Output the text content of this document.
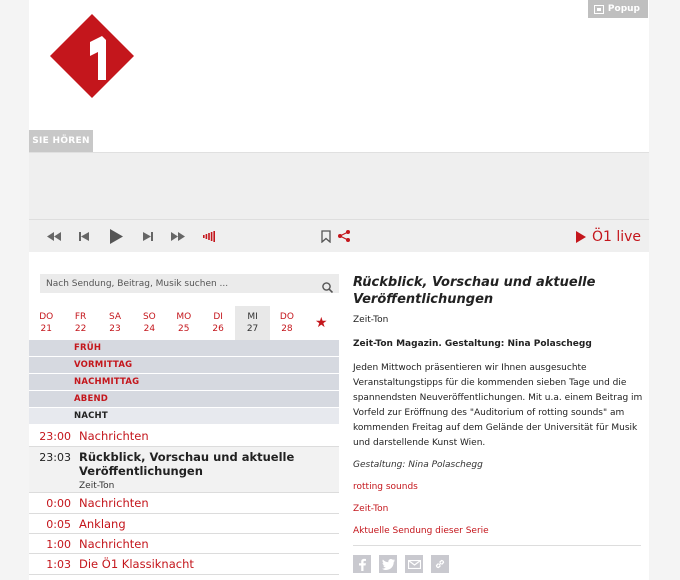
Popup
SIE HÖREN
Ö1 live
Nach Sendung, Beitrag, Musik suchen ...
DO
21
FR
22
SA
23
SO
24
MO
25
DI
26
MI
27
DO
28 ★
FRÜH
VORMITTAG
NACHMITTAG
ABEND
NACHT
23:00 Nachrichten
23:03 Rückblick, Vorschau und aktuelle Veröffentlichungen
Zeit-Ton
0:00 Nachrichten
0:05 Anklang
1:00 Nachrichten
1:03 Die Ö1 Klassiknacht
Rückblick, Vorschau und aktuelle Veröffentlichungen
Zeit-Ton
Zeit-Ton Magazin. Gestaltung: Nina Polaschegg

Jeden Mittwoch präsentieren wir Ihnen ausgesuchte Veranstaltungstipps für die kommenden sieben Tage und die spannendsten Neuveröffentlichungen. Mit u.a. einem Beitrag im Vorfeld zur Eröffnung des "Auditorium of rotting sounds" am kommenden Freitag auf dem Gelände der Universität für Musik und darstellende Kunst Wien.

Gestaltung: Nina Polaschegg
rotting sounds
Zeit-Ton
Aktuelle Sendung dieser Serie
